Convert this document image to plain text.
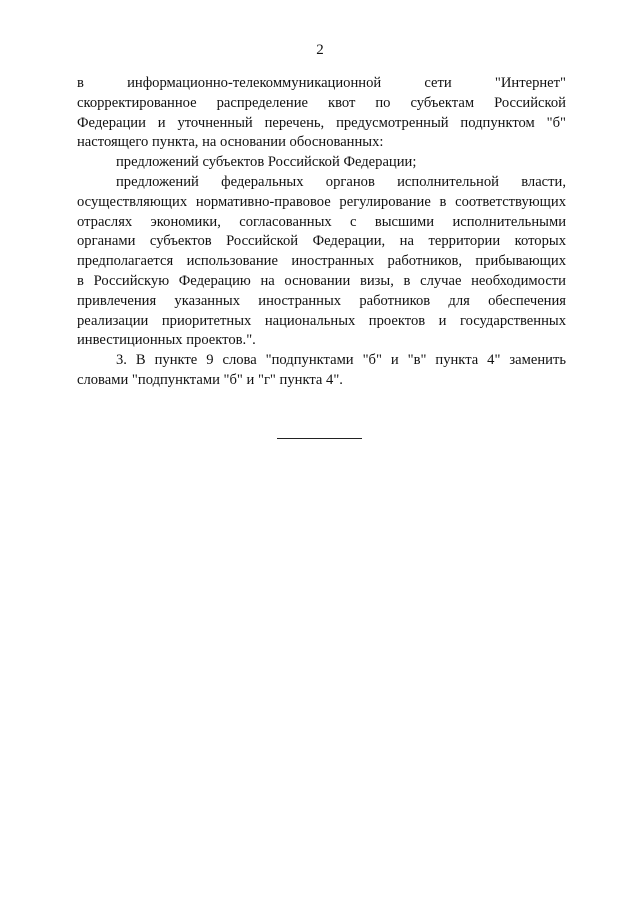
2

в информационно-телекоммуникационной сети "Интернет"
скорректированное распределение квот по субъектам Российской
Федерации и уточненный перечень, предусмотренный подпунктом "б"
настоящего пункта, на основании обоснованных:

предложений субъектов Российской Федерации;

предложений федеральных органов исполнительной власти,

осуществляющих нормативно-правовое регулирование в соответствующих
отраслях экономики, согласованных с высшими исполнительными
органами субъектов Российской Федерации, на территории которых
предполагается использование иностранных работников, прибывающих
в Российскую Федерацию на основании визы, в случае необходимости
привлечения указанных иностранных работников для обеспечения
реализации приоритетных национальных проектов и государственных
инвестиционных проектов.".

3. В пункте 9 слова "подпунктами "б" и "в" пункта 4" заменить

словами "подпунктами "б" и "г" пункта 4".
